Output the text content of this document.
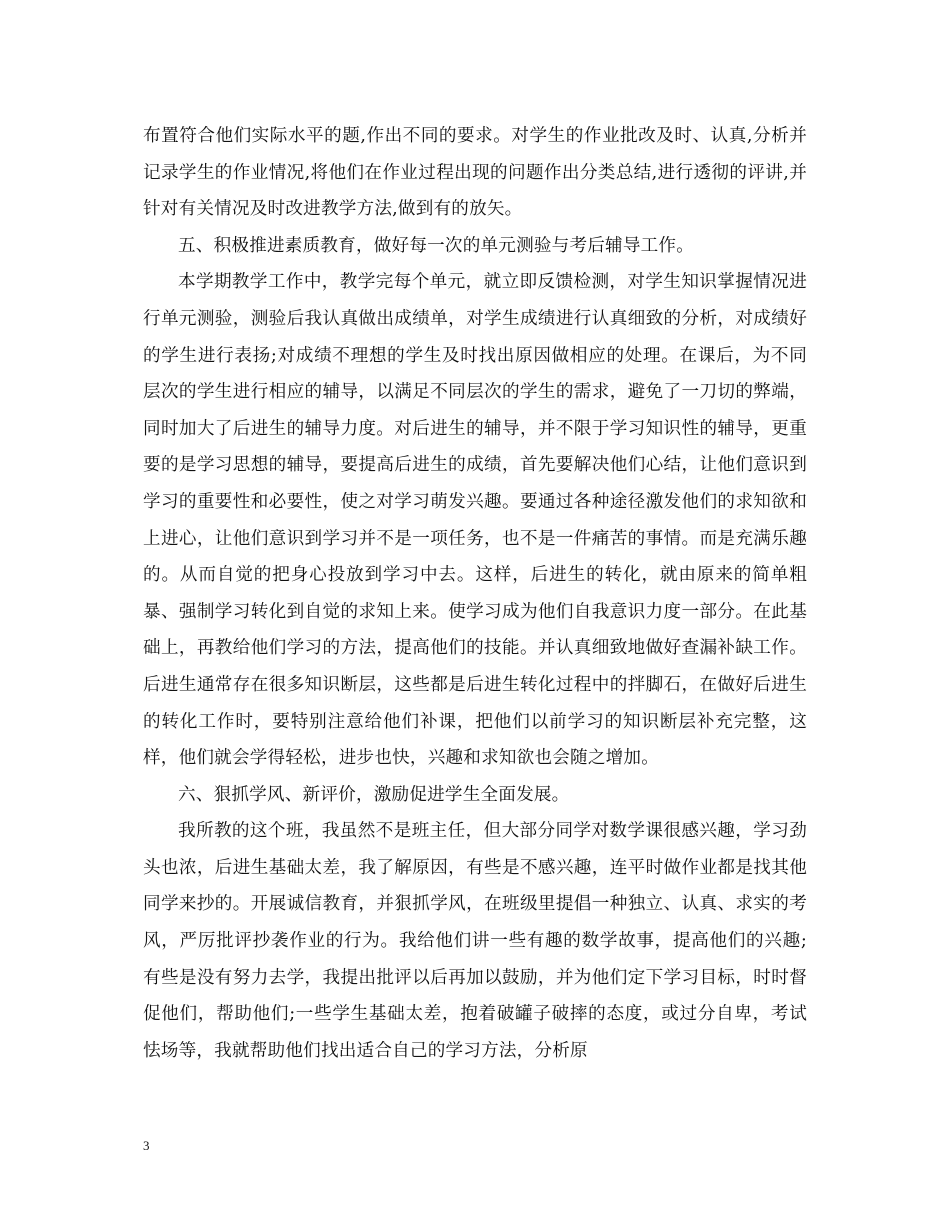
布置符合他们实际水平的题,作出不同的要求。对学生的作业批改及时、认真,分析并记录学生的作业情况,将他们在作业过程出现的问题作出分类总结,进行透彻的评讲,并针对有关情况及时改进教学方法,做到有的放矢。

五、积极推进素质教育，做好每一次的单元测验与考后辅导工作。

本学期教学工作中，教学完每个单元，就立即反馈检测，对学生知识掌握情况进行单元测验，测验后我认真做出成绩单，对学生成绩进行认真细致的分析，对成绩好的学生进行表扬;对成绩不理想的学生及时找出原因做相应的处理。在课后，为不同层次的学生进行相应的辅导，以满足不同层次的学生的需求，避免了一刀切的弊端，同时加大了后进生的辅导力度。对后进生的辅导，并不限于学习知识性的辅导，更重要的是学习思想的辅导，要提高后进生的成绩，首先要解决他们心结，让他们意识到学习的重要性和必要性，使之对学习萌发兴趣。要通过各种途径激发他们的求知欲和上进心，让他们意识到学习并不是一项任务，也不是一件痛苦的事情。而是充满乐趣的。从而自觉的把身心投放到学习中去。这样，后进生的转化，就由原来的简单粗暴、强制学习转化到自觉的求知上来。使学习成为他们自我意识力度一部分。在此基础上，再教给他们学习的方法，提高他们的技能。并认真细致地做好查漏补缺工作。后进生通常存在很多知识断层，这些都是后进生转化过程中的拌脚石，在做好后进生的转化工作时，要特别注意给他们补课，把他们以前学习的知识断层补充完整，这样，他们就会学得轻松，进步也快，兴趣和求知欲也会随之增加。

六、狠抓学风、新评价，激励促进学生全面发展。

我所教的这个班，我虽然不是班主任，但大部分同学对数学课很感兴趣，学习劲头也浓，后进生基础太差，我了解原因，有些是不感兴趣，连平时做作业都是找其他同学来抄的。开展诚信教育，并狠抓学风，在班级里提倡一种独立、认真、求实的考风，严厉批评抄袭作业的行为。我给他们讲一些有趣的数学故事，提高他们的兴趣;有些是没有努力去学，我提出批评以后再加以鼓励，并为他们定下学习目标，时时督促他们，帮助他们;一些学生基础太差，抱着破罐子破摔的态度，或过分自卑，考试怯场等，我就帮助他们找出适合自己的学习方法，分析原

3
